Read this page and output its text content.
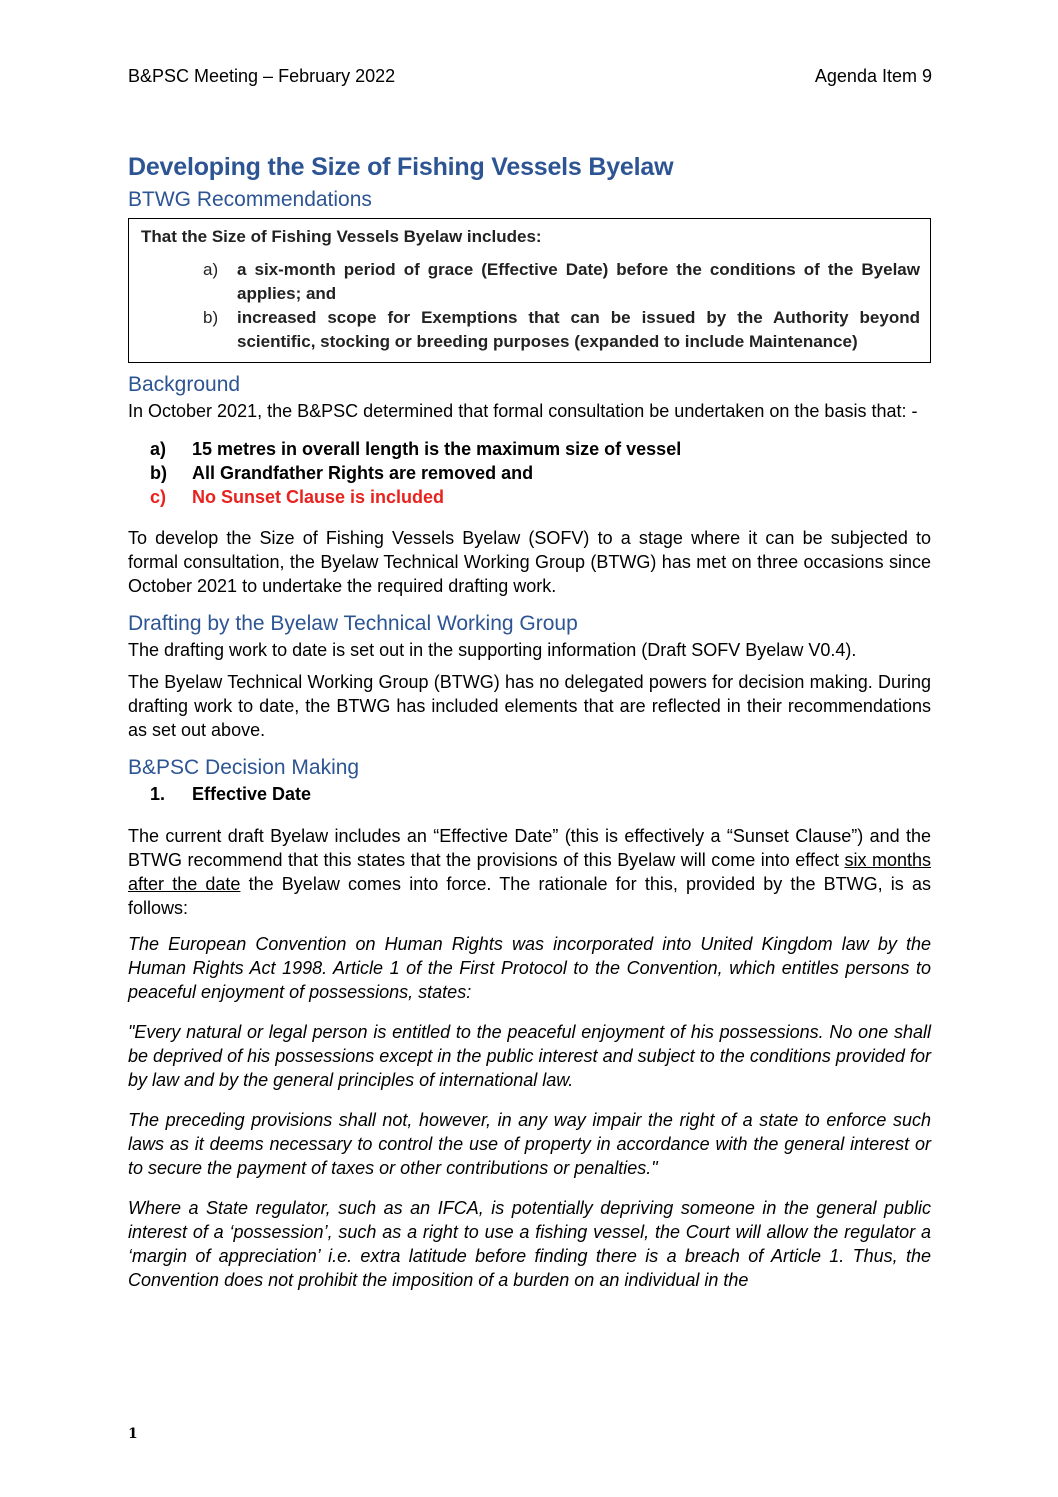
B&PSC Meeting – February 2022	Agenda Item 9
Developing the Size of Fishing Vessels Byelaw
BTWG Recommendations
That the Size of Fishing Vessels Byelaw includes:
a)	a six-month period of grace (Effective Date) before the conditions of the Byelaw applies; and
b)	increased scope for Exemptions that can be issued by the Authority beyond scientific, stocking or breeding purposes (expanded to include Maintenance)
Background

In October 2021, the B&PSC determined that formal consultation be undertaken on the basis that: -

a)	15 metres in overall length is the maximum size of vessel
b)	All Grandfather Rights are removed and
c)	No Sunset Clause is included

To develop the Size of Fishing Vessels Byelaw (SOFV) to a stage where it can be subjected to formal consultation, the Byelaw Technical Working Group (BTWG) has met on three occasions since October 2021 to undertake the required drafting work.

Drafting by the Byelaw Technical Working Group

The drafting work to date is set out in the supporting information (Draft SOFV Byelaw V0.4).

The Byelaw Technical Working Group (BTWG) has no delegated powers for decision making. During drafting work to date, the BTWG has included elements that are reflected in their recommendations as set out above.

B&PSC Decision Making
1.	Effective Date

The current draft Byelaw includes an “Effective Date” (this is effectively a “Sunset Clause”) and the BTWG recommend that this states that the provisions of this Byelaw will come into effect six months after the date the Byelaw comes into force. The rationale for this, provided by the BTWG, is as follows:

The European Convention on Human Rights was incorporated into United Kingdom law by the Human Rights Act 1998. Article 1 of the First Protocol to the Convention, which entitles persons to peaceful enjoyment of possessions, states:

"Every natural or legal person is entitled to the peaceful enjoyment of his possessions. No one shall be deprived of his possessions except in the public interest and subject to the conditions provided for by law and by the general principles of international law.

The preceding provisions shall not, however, in any way impair the right of a state to enforce such laws as it deems necessary to control the use of property in accordance with the general interest or to secure the payment of taxes or other contributions or penalties."

Where a State regulator, such as an IFCA, is potentially depriving someone in the general public interest of a ‘possession’, such as a right to use a fishing vessel, the Court will allow the regulator a ‘margin of appreciation’ i.e. extra latitude before finding there is a breach of Article 1. Thus, the Convention does not prohibit the imposition of a burden on an individual in the

1
